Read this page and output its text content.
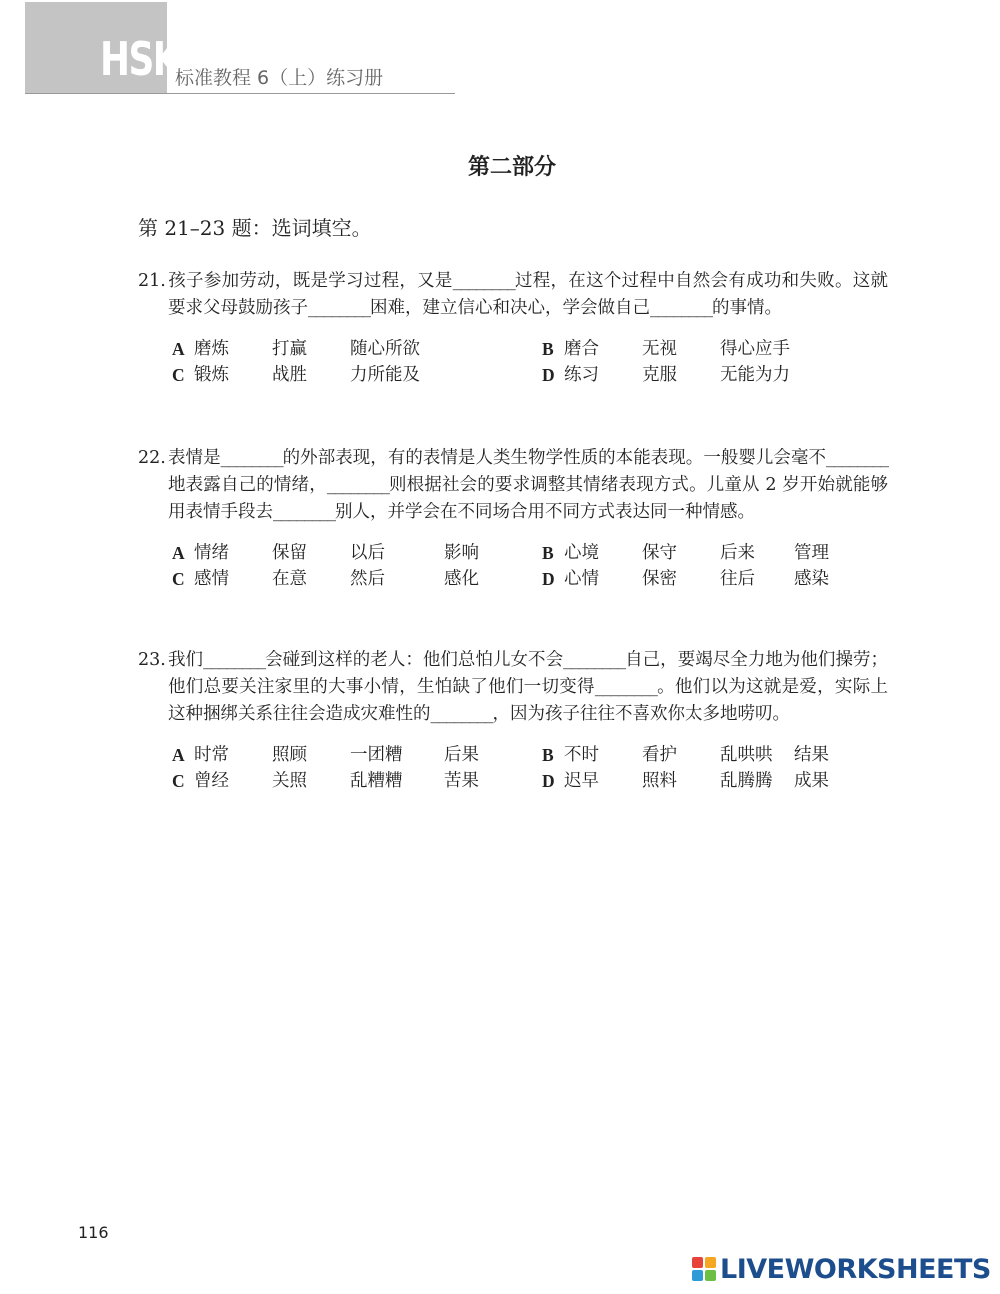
HSK
标准教程 6（上）练习册
第二部分
第 21–23 题：选词填空。

21. 孩子参加劳动，既是学习过程，又是________过程，在这个过程中自然会有成功和失败。这就要求父母鼓励孩子________困难，建立信心和决心，学会做自己________的事情。

A 磨炼 打赢 随心所欲	B 磨合 无视 得心应手
C 锻炼 战胜 力所能及	D 练习 克服 无能为力

22. 表情是________的外部表现，有的表情是人类生物学性质的本能表现。一般婴儿会毫不________地表露自己的情绪，________则根据社会的要求调整其情绪表现方式。儿童从 2 岁开始就能够用表情手段去________别人，并学会在不同场合用不同方式表达同一种情感。

A 情绪 保留 以后	影响	B 心境 保守 后来 管理
C 感情 在意 然后	感化	D 心情 保密 往后 感染

23. 我们________会碰到这样的老人：他们总怕儿女不会________自己，要竭尽全力地为他们操劳；他们总要关注家里的大事小情，生怕缺了他们一切变得________。他们以为这就是爱，实际上这种捆绑关系往往会造成灾难性的________，因为孩子往往不喜欢你太多地唠叨。

A 时常 照顾 一团糟 后果	B 不时 看护 乱哄哄 结果
C 曾经 关照 乱糟糟 苦果	D 迟早 照料 乱腾腾 成果
116
LIVEWORKSHEETS
